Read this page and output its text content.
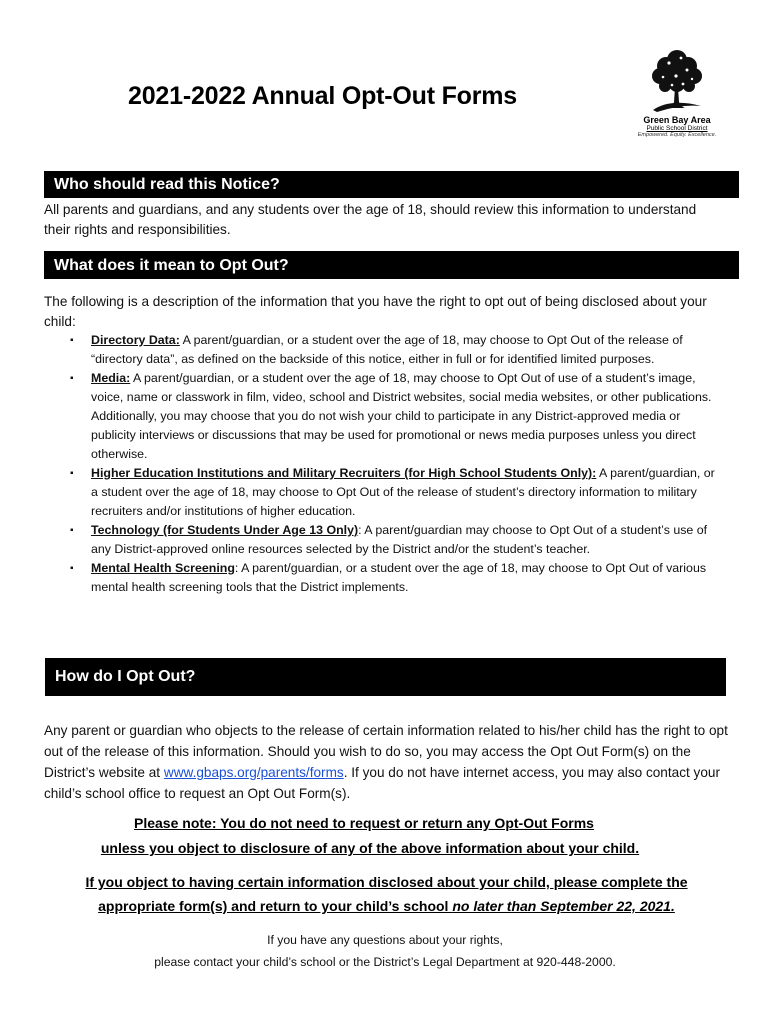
2021-2022 Annual Opt-Out Forms
Green Bay Area
Public School District
Empowered. Equity. Excellence.
Who should read this Notice?
All parents and guardians, and any students over the age of 18, should review this information to understand their rights and responsibilities.
What does it mean to Opt Out?
The following is a description of the information that you have the right to opt out of being disclosed about your child:
▪ Directory Data: A parent/guardian, or a student over the age of 18, may choose to Opt Out of the release of “directory data”, as defined on the backside of this notice, either in full or for identified limited purposes.
▪ Media: A parent/guardian, or a student over the age of 18, may choose to Opt Out of use of a student’s image, voice, name or classwork in film, video, school and District websites, social media websites, or other publications. Additionally, you may choose that you do not wish your child to participate in any District-approved media or publicity interviews or discussions that may be used for promotional or news media purposes unless you direct otherwise.
▪ Higher Education Institutions and Military Recruiters (for High School Students Only): A parent/guardian, or a student over the age of 18, may choose to Opt Out of the release of student’s directory information to military recruiters and/or institutions of higher education.
▪ Technology (for Students Under Age 13 Only): A parent/guardian may choose to Opt Out of a student’s use of any District-approved online resources selected by the District and/or the student’s teacher.
▪ Mental Health Screening: A parent/guardian, or a student over the age of 18, may choose to Opt Out of various mental health screening tools that the District implements.
How do I Opt Out?
Any parent or guardian who objects to the release of certain information related to his/her child has the right to opt out of the release of this information. Should you wish to do so, you may access the Opt Out Form(s) on the District’s website at www.gbaps.org/parents/forms. If you do not have internet access, you may also contact your child’s school office to request an Opt Out Form(s).
Please note: You do not need to request or return any Opt-Out Forms
unless you object to disclosure of any of the above information about your child.
If you object to having certain information disclosed about your child, please complete the
appropriate form(s) and return to your child’s school no later than September 22, 2021.
If you have any questions about your rights,
please contact your child’s school or the District’s Legal Department at 920-448-2000.
